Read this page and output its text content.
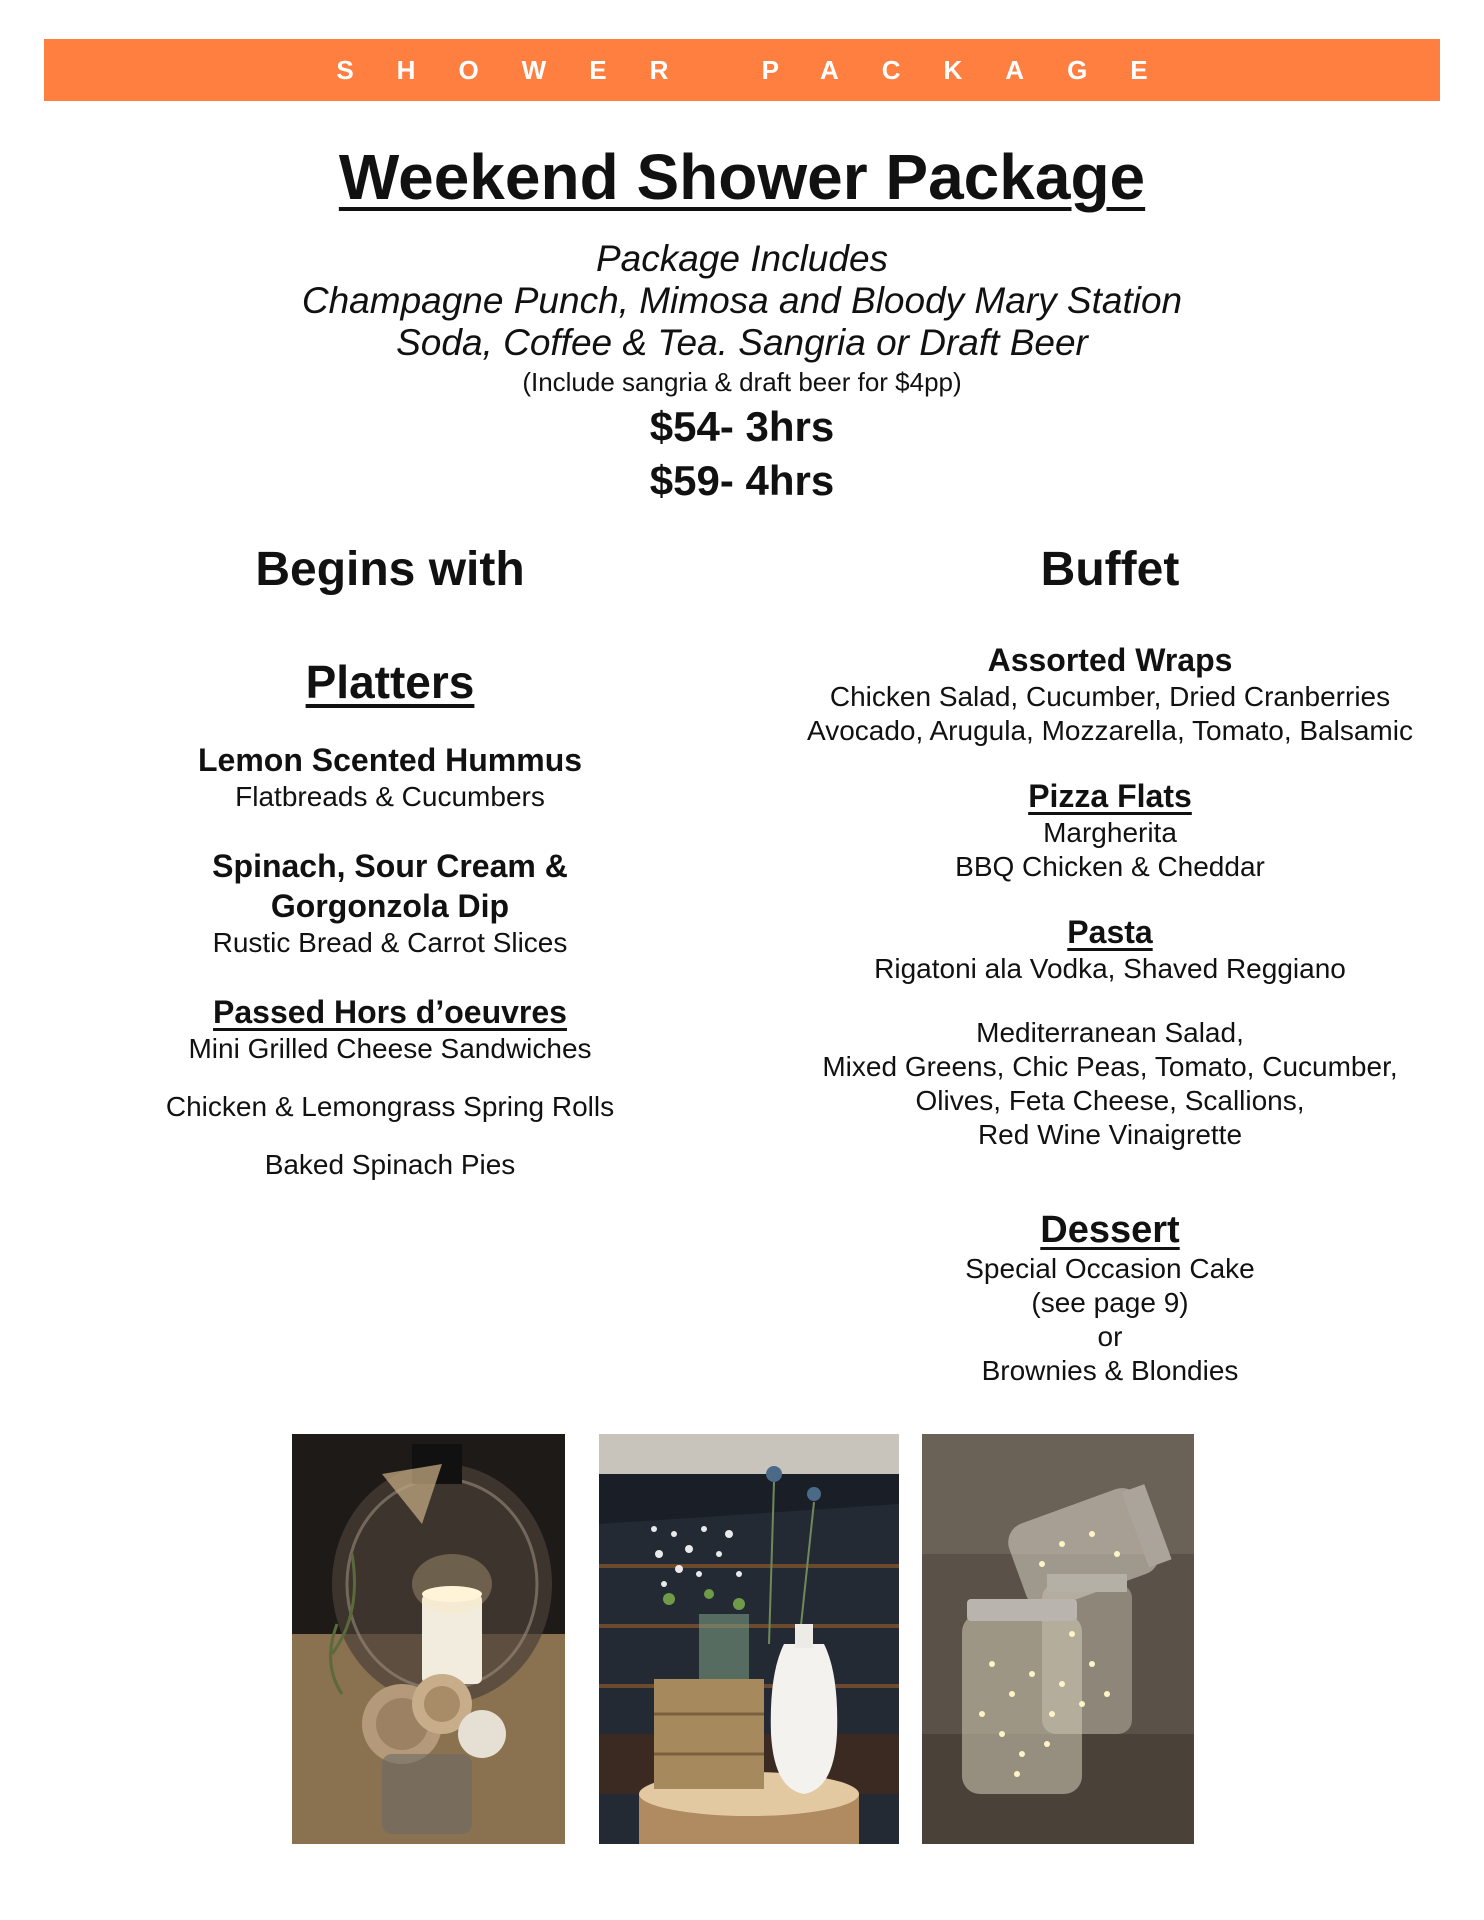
SHOWER PACKAGE
Weekend Shower Package
Package Includes
Champagne Punch, Mimosa and Bloody Mary Station
Soda, Coffee & Tea. Sangria or Draft Beer
(Include sangria & draft beer for $4pp)
$54- 3hrs
$59- 4hrs
Begins with
Platters
Lemon Scented Hummus
Flatbreads & Cucumbers
Spinach, Sour Cream &
Gorgonzola Dip
Rustic Bread & Carrot Slices
Passed Hors d’oeuvres
Mini Grilled Cheese Sandwiches
Chicken & Lemongrass Spring Rolls
Baked Spinach Pies
Buffet
Assorted Wraps
Chicken Salad, Cucumber, Dried Cranberries
Avocado, Arugula, Mozzarella, Tomato, Balsamic
Pizza Flats
Margherita
BBQ Chicken & Cheddar
Pasta
Rigatoni ala Vodka, Shaved Reggiano
Mediterranean Salad,
Mixed Greens, Chic Peas, Tomato, Cucumber,
Olives, Feta Cheese, Scallions,
Red Wine Vinaigrette
Dessert
Special Occasion Cake
(see page 9)
or
Brownies & Blondies
